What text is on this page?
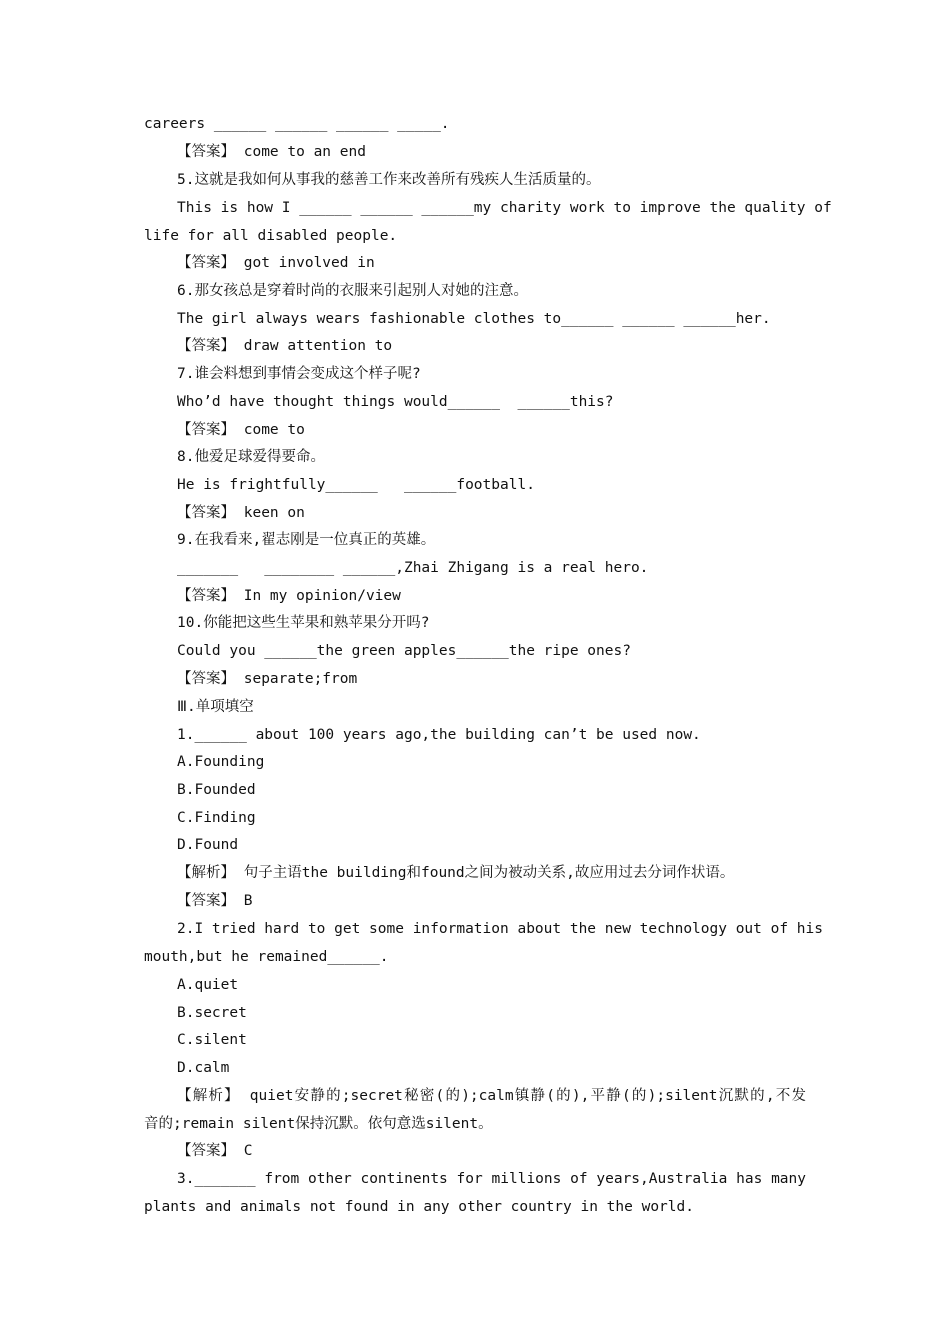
careers ______ ______ ______ _____.
【答案】 come to an end
5.这就是我如何从事我的慈善工作来改善所有残疾人生活质量的。
This is how I ______ ______ ______my charity work to improve the quality of
life for all disabled people.
【答案】 got involved in
6.那女孩总是穿着时尚的衣服来引起别人对她的注意。
The girl always wears fashionable clothes to______ ______ ______her.
【答案】 draw attention to
7.谁会料想到事情会变成这个样子呢?
Who’d have thought things would______  ______this?
【答案】 come to
8.他爱足球爱得要命。
He is frightfully______   ______football.
【答案】 keen on
9.在我看来,翟志刚是一位真正的英雄。
_______   ________ ______,Zhai Zhigang is a real hero.
【答案】 In my opinion/view
10.你能把这些生苹果和熟苹果分开吗?
Could you ______the green apples______the ripe ones?
【答案】 separate;from
Ⅲ.单项填空
1.______ about 100 years ago,the building can’t be used now.
A.Founding
B.Founded
C.Finding
D.Found
【解析】 句子主语the building和found之间为被动关系,故应用过去分词作状语。
【答案】 B
2.I tried hard to get some information about the new technology out of his
mouth,but he remained______.
A.quiet
B.secret
C.silent
D.calm
【解析】 quiet安静的;secret秘密(的);calm镇静(的),平静(的);silent沉默的,不发
音的;remain silent保持沉默。依句意选silent。
【答案】 C
3._______ from other continents for millions of years,Australia has many
plants and animals not found in any other country in the world.
